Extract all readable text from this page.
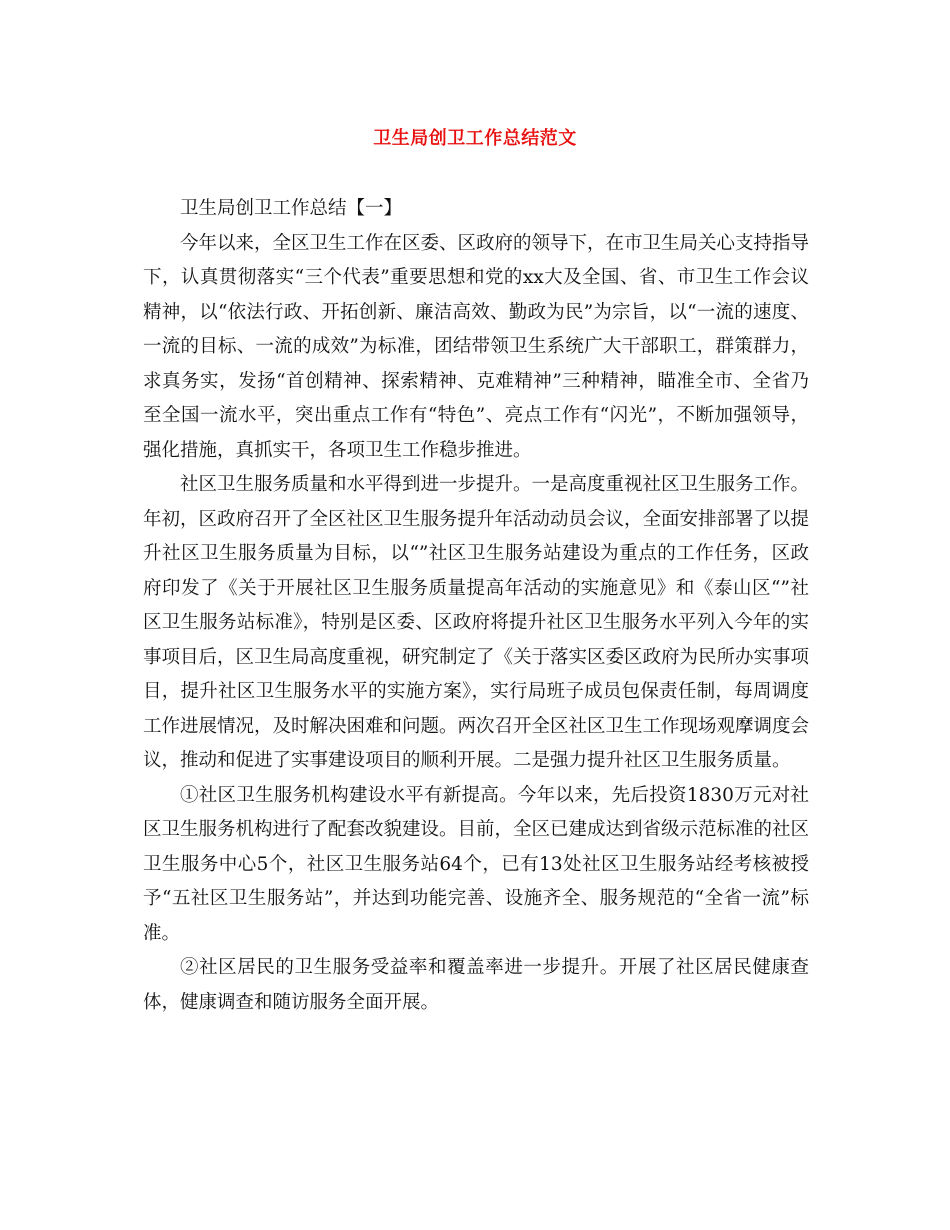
卫生局创卫工作总结范文

卫生局创卫工作总结【一】

今年以来，全区卫生工作在区委、区政府的领导下，在市卫生局关心支持指导下，认真贯彻落实“三个代表”重要思想和党的xx大及全国、省、市卫生工作会议精神，以“依法行政、开拓创新、廉洁高效、勤政为民”为宗旨，以“一流的速度、一流的目标、一流的成效”为标准，团结带领卫生系统广大干部职工，群策群力，求真务实，发扬“首创精神、探索精神、克难精神”三种精神，瞄准全市、全省乃至全国一流水平，突出重点工作有“特色”、亮点工作有“闪光”，不断加强领导，强化措施，真抓实干，各项卫生工作稳步推进。

社区卫生服务质量和水平得到进一步提升。一是高度重视社区卫生服务工作。年初，区政府召开了全区社区卫生服务提升年活动动员会议，全面安排部署了以提升社区卫生服务质量为目标，以“”社区卫生服务站建设为重点的工作任务，区政府印发了《关于开展社区卫生服务质量提高年活动的实施意见》和《泰山区“”社区卫生服务站标准》，特别是区委、区政府将提升社区卫生服务水平列入今年的实事项目后，区卫生局高度重视，研究制定了《关于落实区委区政府为民所办实事项目，提升社区卫生服务水平的实施方案》，实行局班子成员包保责任制，每周调度工作进展情况，及时解决困难和问题。两次召开全区社区卫生工作现场观摩调度会议，推动和促进了实事建设项目的顺利开展。二是强力提升社区卫生服务质量。

①社区卫生服务机构建设水平有新提高。今年以来，先后投资1830万元对社区卫生服务机构进行了配套改貌建设。目前，全区已建成达到省级示范标准的社区卫生服务中心5个，社区卫生服务站64个，已有13处社区卫生服务站经考核被授予“五社区卫生服务站”，并达到功能完善、设施齐全、服务规范的“全省一流”标准。

②社区居民的卫生服务受益率和覆盖率进一步提升。开展了社区居民健康查体，健康调查和随访服务全面开展。
